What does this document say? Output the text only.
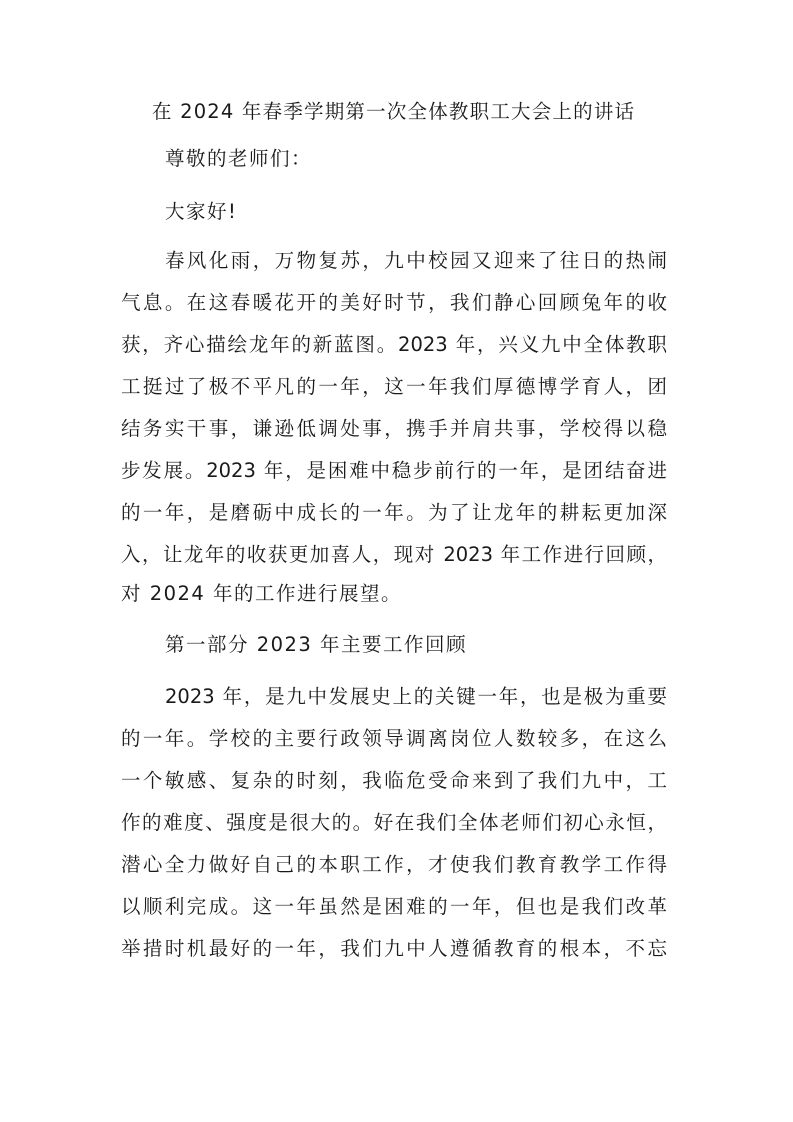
在 2024 年春季学期第一次全体教职工大会上的讲话
尊敬的老师们：
大家好!
春风化雨，万物复苏，九中校园又迎来了往日的热闹
气息。在这春暖花开的美好时节，我们静心回顾兔年的收
获，齐心描绘龙年的新蓝图。2023 年，兴义九中全体教职
工挺过了极不平凡的一年，这一年我们厚德博学育人，团
结务实干事，谦逊低调处事，携手并肩共事，学校得以稳
步发展。2023 年，是困难中稳步前行的一年，是团结奋进
的一年，是磨砺中成长的一年。为了让龙年的耕耘更加深
入，让龙年的收获更加喜人，现对 2023 年工作进行回顾，
对 2024 年的工作进行展望。
第一部分 2023 年主要工作回顾
2023 年，是九中发展史上的关键一年，也是极为重要
的一年。学校的主要行政领导调离岗位人数较多，在这么
一个敏感、复杂的时刻，我临危受命来到了我们九中，工
作的难度、强度是很大的。好在我们全体老师们初心永恒，
潜心全力做好自己的本职工作，才使我们教育教学工作得
以顺利完成。这一年虽然是困难的一年，但也是我们改革
举措时机最好的一年，我们九中人遵循教育的根本，不忘
